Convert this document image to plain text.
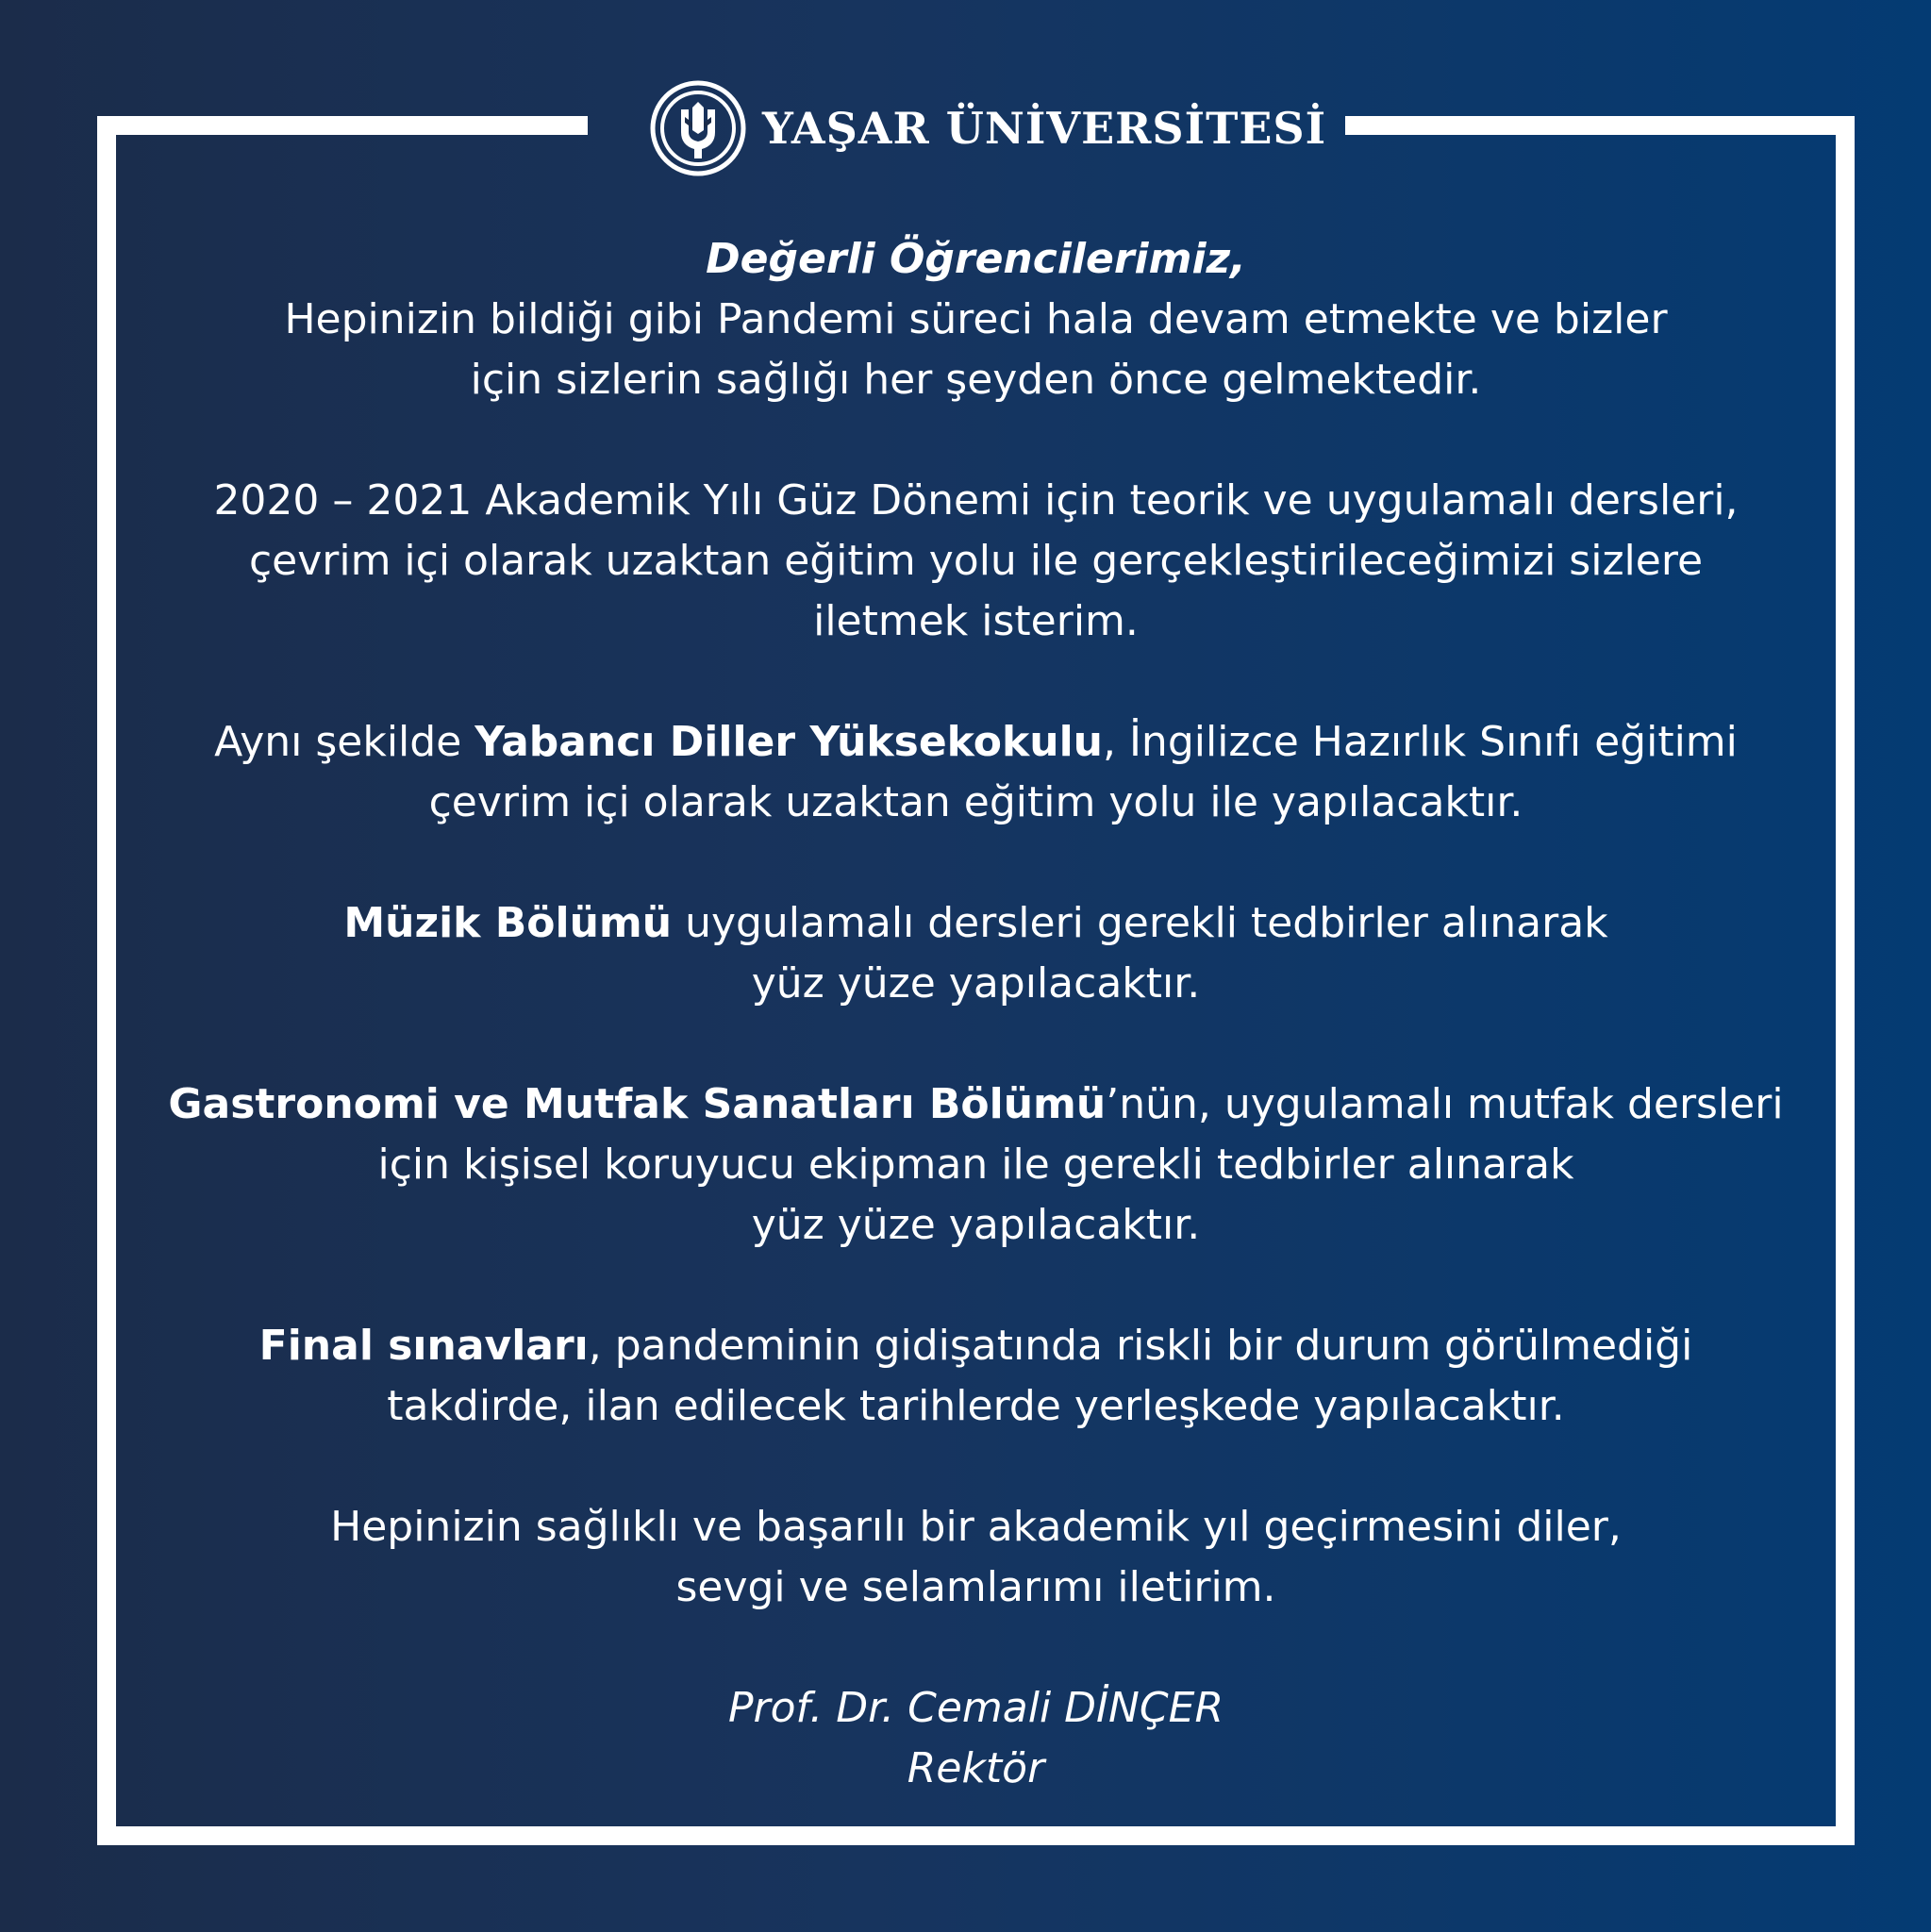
YAŞAR ÜNİVERSİTESİ

Değerli Öğrencilerimiz,
Hepinizin bildiği gibi Pandemi süreci hala devam etmekte ve bizler
için sizlerin sağlığı her şeyden önce gelmektedir.

2020 – 2021 Akademik Yılı Güz Dönemi için teorik ve uygulamalı dersleri,
çevrim içi olarak uzaktan eğitim yolu ile gerçekleştirileceğimizi sizlere
iletmek isterim.

Aynı şekilde Yabancı Diller Yüksekokulu, İngilizce Hazırlık Sınıfı eğitimi
çevrim içi olarak uzaktan eğitim yolu ile yapılacaktır.

Müzik Bölümü uygulamalı dersleri gerekli tedbirler alınarak
yüz yüze yapılacaktır.

Gastronomi ve Mutfak Sanatları Bölümü’nün, uygulamalı mutfak dersleri
için kişisel koruyucu ekipman ile gerekli tedbirler alınarak
yüz yüze yapılacaktır.

Final sınavları, pandeminin gidişatında riskli bir durum görülmediği
takdirde, ilan edilecek tarihlerde yerleşkede yapılacaktır.

Hepinizin sağlıklı ve başarılı bir akademik yıl geçirmesini diler,
sevgi ve selamlarımı iletirim.

Prof. Dr. Cemali DİNÇER
Rektör
